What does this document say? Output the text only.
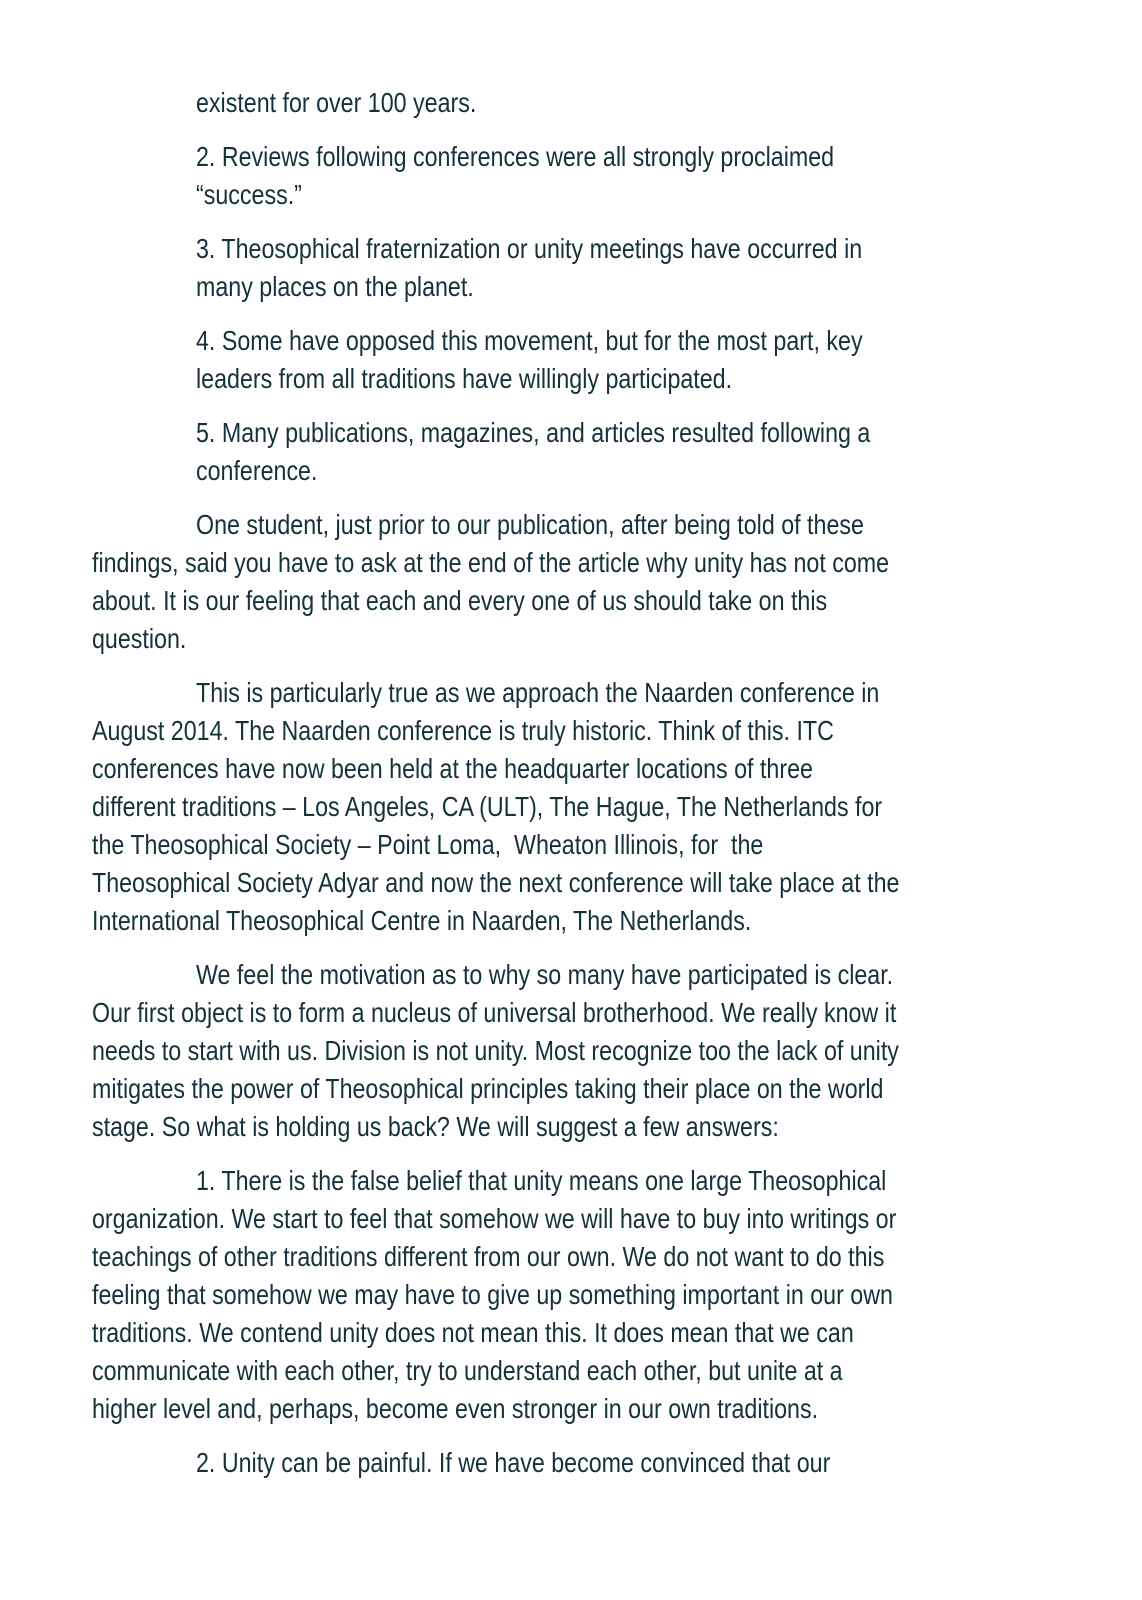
existent for over 100 years.
2. Reviews following conferences were all strongly proclaimed
“success.”
3. Theosophical fraternization or unity meetings have occurred in
many places on the planet.
4. Some have opposed this movement, but for the most part, key
leaders from all traditions have willingly participated.
5. Many publications, magazines, and articles resulted following a
conference.
One student, just prior to our publication, after being told of these
findings, said you have to ask at the end of the article why unity has not come
about. It is our feeling that each and every one of us should take on this
question.
This is particularly true as we approach the Naarden conference in
August 2014. The Naarden conference is truly historic. Think of this. ITC
conferences have now been held at the headquarter locations of three
different traditions – Los Angeles, CA (ULT), The Hague, The Netherlands for
the Theosophical Society – Point Loma,  Wheaton Illinois, for  the
Theosophical Society Adyar and now the next conference will take place at the
International Theosophical Centre in Naarden, The Netherlands.
We feel the motivation as to why so many have participated is clear.
Our first object is to form a nucleus of universal brotherhood. We really know it
needs to start with us. Division is not unity. Most recognize too the lack of unity
mitigates the power of Theosophical principles taking their place on the world
stage. So what is holding us back? We will suggest a few answers:
1. There is the false belief that unity means one large Theosophical
organization. We start to feel that somehow we will have to buy into writings or
teachings of other traditions different from our own. We do not want to do this
feeling that somehow we may have to give up something important in our own
traditions. We contend unity does not mean this. It does mean that we can
communicate with each other, try to understand each other, but unite at a
higher level and, perhaps, become even stronger in our own traditions.
2. Unity can be painful. If we have become convinced that our
